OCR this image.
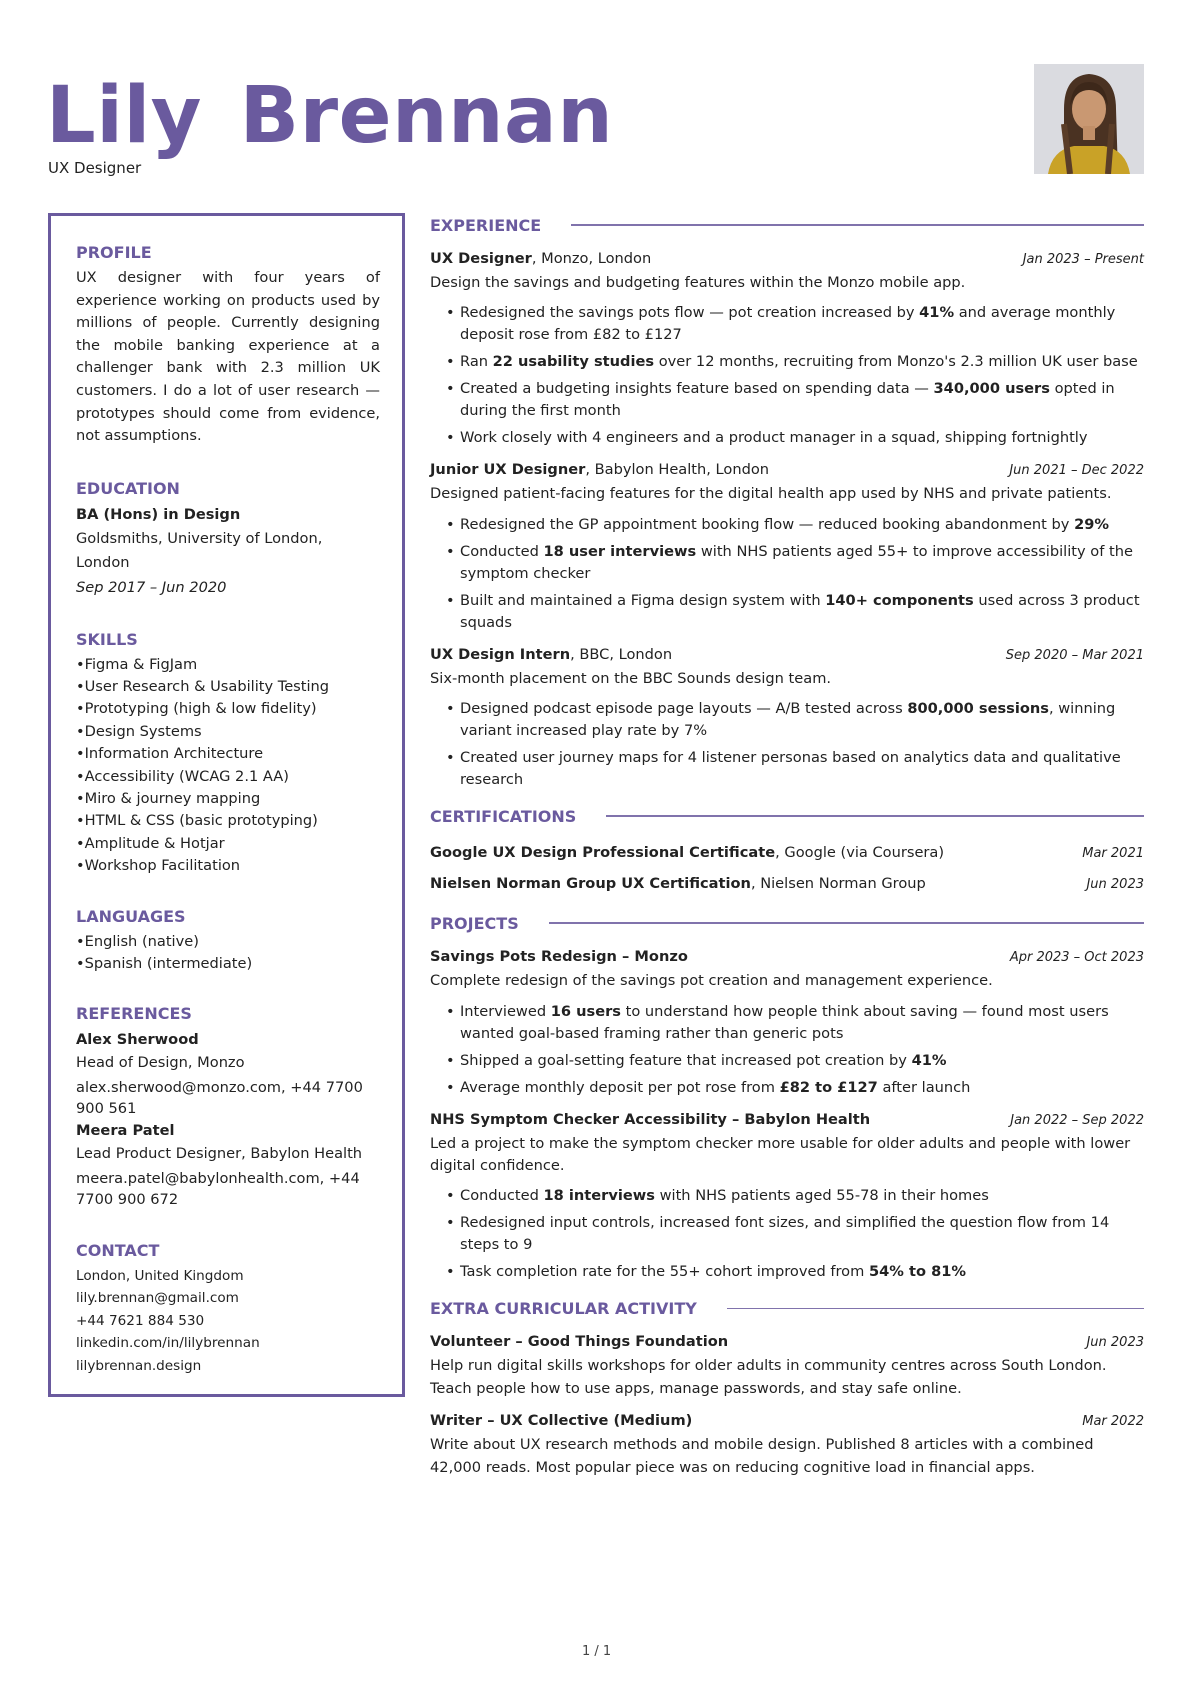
Lily Brennan
UX Designer
PROFILE

UX designer with four years of experience working on products used by millions of people. Currently designing the mobile banking experience at a challenger bank with 2.3 million UK customers. I do a lot of user research — prototypes should come from evidence, not assumptions.

EDUCATION
BA (Hons) in Design
Goldsmiths, University of London, London
Sep 2017 – Jun 2020
SKILLS
• Figma & FigJam
• User Research & Usability Testing
• Prototyping (high & low fidelity)
• Design Systems
• Information Architecture
• Accessibility (WCAG 2.1 AA)
• Miro & journey mapping
• HTML & CSS (basic prototyping)
• Amplitude & Hotjar
• Workshop Facilitation
LANGUAGES
• English (native)
• Spanish (intermediate)
REFERENCES
Alex Sherwood
Head of Design, Monzo
alex.sherwood@monzo.com, +44 7700 900 561
Meera Patel
Lead Product Designer, Babylon Health
meera.patel@babylonhealth.com, +44 7700 900 672
CONTACT
London, United Kingdom
lily.brennan@gmail.com
+44 7621 884 530
linkedin.com/in/lilybrennan
lilybrennan.design
EXPERIENCE
UX Designer, Monzo, London	Jan 2023 – Present
Design the savings and budgeting features within the Monzo mobile app.
• Redesigned the savings pots flow — pot creation increased by 41% and average monthly deposit rose from £82 to £127
• Ran 22 usability studies over 12 months, recruiting from Monzo's 2.3 million UK user base
• Created a budgeting insights feature based on spending data — 340,000 users opted in during the first month
• Work closely with 4 engineers and a product manager in a squad, shipping fortnightly
Junior UX Designer, Babylon Health, London	Jun 2021 – Dec 2022
Designed patient-facing features for the digital health app used by NHS and private patients.
• Redesigned the GP appointment booking flow — reduced booking abandonment by 29%
• Conducted 18 user interviews with NHS patients aged 55+ to improve accessibility of the symptom checker
• Built and maintained a Figma design system with 140+ components used across 3 product squads
UX Design Intern, BBC, London	Sep 2020 – Mar 2021
Six-month placement on the BBC Sounds design team.
• Designed podcast episode page layouts — A/B tested across 800,000 sessions, winning variant increased play rate by 7%
• Created user journey maps for 4 listener personas based on analytics data and qualitative research
CERTIFICATIONS
Google UX Design Professional Certificate, Google (via Coursera)	Mar 2021
Nielsen Norman Group UX Certification, Nielsen Norman Group	Jun 2023
PROJECTS
Savings Pots Redesign – Monzo	Apr 2023 – Oct 2023
Complete redesign of the savings pot creation and management experience.
• Interviewed 16 users to understand how people think about saving — found most users wanted goal-based framing rather than generic pots
• Shipped a goal-setting feature that increased pot creation by 41%
• Average monthly deposit per pot rose from £82 to £127 after launch
NHS Symptom Checker Accessibility – Babylon Health	Jan 2022 – Sep 2022
Led a project to make the symptom checker more usable for older adults and people with lower digital confidence.
• Conducted 18 interviews with NHS patients aged 55-78 in their homes
• Redesigned input controls, increased font sizes, and simplified the question flow from 14 steps to 9
• Task completion rate for the 55+ cohort improved from 54% to 81%
EXTRA CURRICULAR ACTIVITY
Volunteer – Good Things Foundation	Jun 2023
Help run digital skills workshops for older adults in community centres across South London. Teach people how to use apps, manage passwords, and stay safe online.
Writer – UX Collective (Medium)	Mar 2022
Write about UX research methods and mobile design. Published 8 articles with a combined 42,000 reads. Most popular piece was on reducing cognitive load in financial apps.
1 / 1
